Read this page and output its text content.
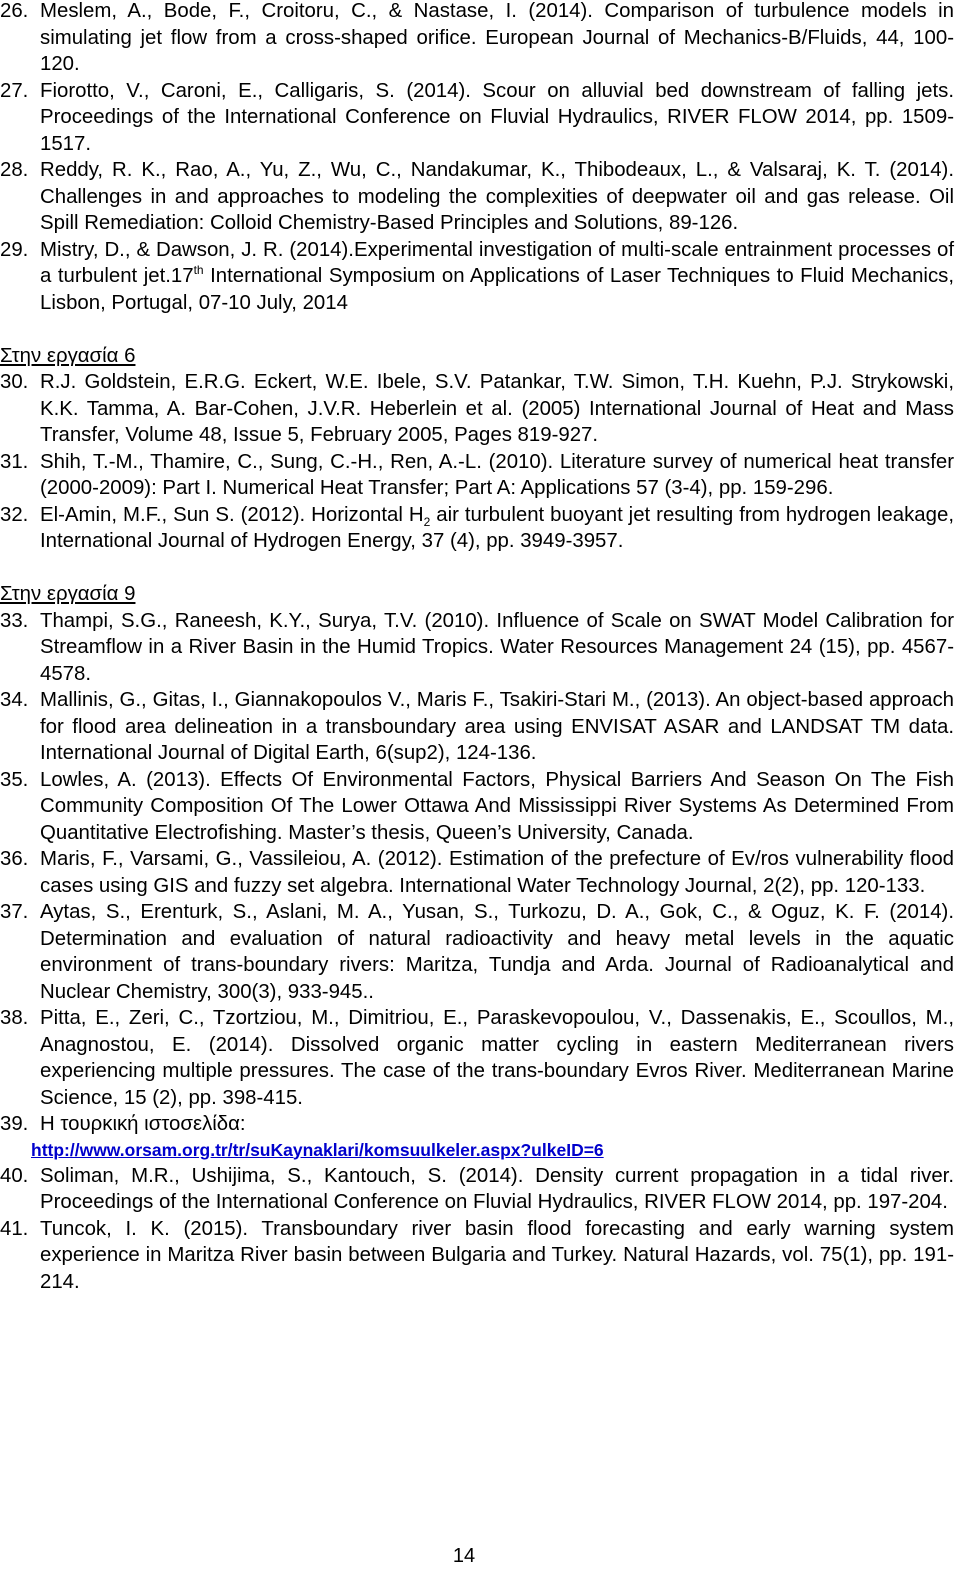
26. Meslem, A., Bode, F., Croitoru, C., & Nastase, I. (2014). Comparison of turbulence models in simulating jet flow from a cross-shaped orifice. European Journal of Mechanics-B/Fluids, 44, 100-120.
27. Fiorotto, V., Caroni, E., Calligaris, S. (2014). Scour on alluvial bed downstream of falling jets. Proceedings of the International Conference on Fluvial Hydraulics, RIVER FLOW 2014, pp. 1509-1517.
28. Reddy, R. K., Rao, A., Yu, Z., Wu, C., Nandakumar, K., Thibodeaux, L., & Valsaraj, K. T. (2014). Challenges in and approaches to modeling the complexities of deepwater oil and gas release. Oil Spill Remediation: Colloid Chemistry-Based Principles and Solutions, 89-126.
29. Mistry, D., & Dawson, J. R. (2014).Experimental investigation of multi-scale entrainment processes of a turbulent jet.17th International Symposium on Applications of Laser Techniques to Fluid Mechanics, Lisbon, Portugal, 07-10 July, 2014
Στην εργασία 6
30. R.J. Goldstein, E.R.G. Eckert, W.E. Ibele, S.V. Patankar, T.W. Simon, T.H. Kuehn, P.J. Strykowski, K.K. Tamma, A. Bar-Cohen, J.V.R. Heberlein et al. (2005) International Journal of Heat and Mass Transfer, Volume 48, Issue 5, February 2005, Pages 819-927.
31. Shih, T.-M., Thamire, C., Sung, C.-H., Ren, A.-L. (2010). Literature survey of numerical heat transfer (2000-2009): Part I. Numerical Heat Transfer; Part A: Applications 57 (3-4), pp. 159-296.
32. El-Amin, M.F., Sun S. (2012). Horizontal $H_2$ air turbulent buoyant jet resulting from hydrogen leakage, International Journal of Hydrogen Energy, 37 (4), pp. 3949-3957.
Στην εργασία 9
33. Thampi, S.G., Raneesh, K.Y., Surya, T.V. (2010). Influence of Scale on SWAT Model Calibration for Streamflow in a River Basin in the Humid Tropics. Water Resources Management 24 (15), pp. 4567-4578.
34. Mallinis, G., Gitas, I., Giannakopoulos V., Maris F., Tsakiri-Stari M., (2013). An object-based approach for flood area delineation in a transboundary area using ENVISAT ASAR and LANDSAT TM data. International Journal of Digital Earth, 6(sup2), 124-136.
35. Lowles, A. (2013). Effects Of Environmental Factors, Physical Barriers And Season On The Fish Community Composition Of The Lower Ottawa And Mississippi River Systems As Determined From Quantitative Electrofishing. Master’s thesis, Queen’s University, Canada.
36. Maris, F., Varsami, G., Vassileiou, A. (2012). Estimation of the prefecture of Ev/ros vulnerability flood cases using GIS and fuzzy set algebra. International Water Technology Journal, 2(2), pp. 120-133.
37. Aytas, S., Erenturk, S., Aslani, M. A., Yusan, S., Turkozu, D. A., Gok, C., & Oguz, K. F. (2014). Determination and evaluation of natural radioactivity and heavy metal levels in the aquatic environment of trans-boundary rivers: Maritza, Tundja and Arda. Journal of Radioanalytical and Nuclear Chemistry, 300(3), 933-945..
38. Pitta, E., Zeri, C., Tzortziou, M., Dimitriou, E., Paraskevopoulou, V., Dassenakis, E., Scoullos, M., Anagnostou, E. (2014). Dissolved organic matter cycling in eastern Mediterranean rivers experiencing multiple pressures. The case of the trans-boundary Evros River. Mediterranean Marine Science, 15 (2), pp. 398-415.
39. Η τουρκική ιστοσελίδα:
http://www.orsam.org.tr/tr/suKaynaklari/komsuulkeler.aspx?ulkeID=6
40. Soliman, M.R., Ushijima, S., Kantouch, S. (2014). Density current propagation in a tidal river. Proceedings of the International Conference on Fluvial Hydraulics, RIVER FLOW 2014, pp. 197-204.
41. Tuncok, I. K. (2015). Transboundary river basin flood forecasting and early warning system experience in Maritza River basin between Bulgaria and Turkey. Natural Hazards, vol. 75(1), pp. 191-214.
14
